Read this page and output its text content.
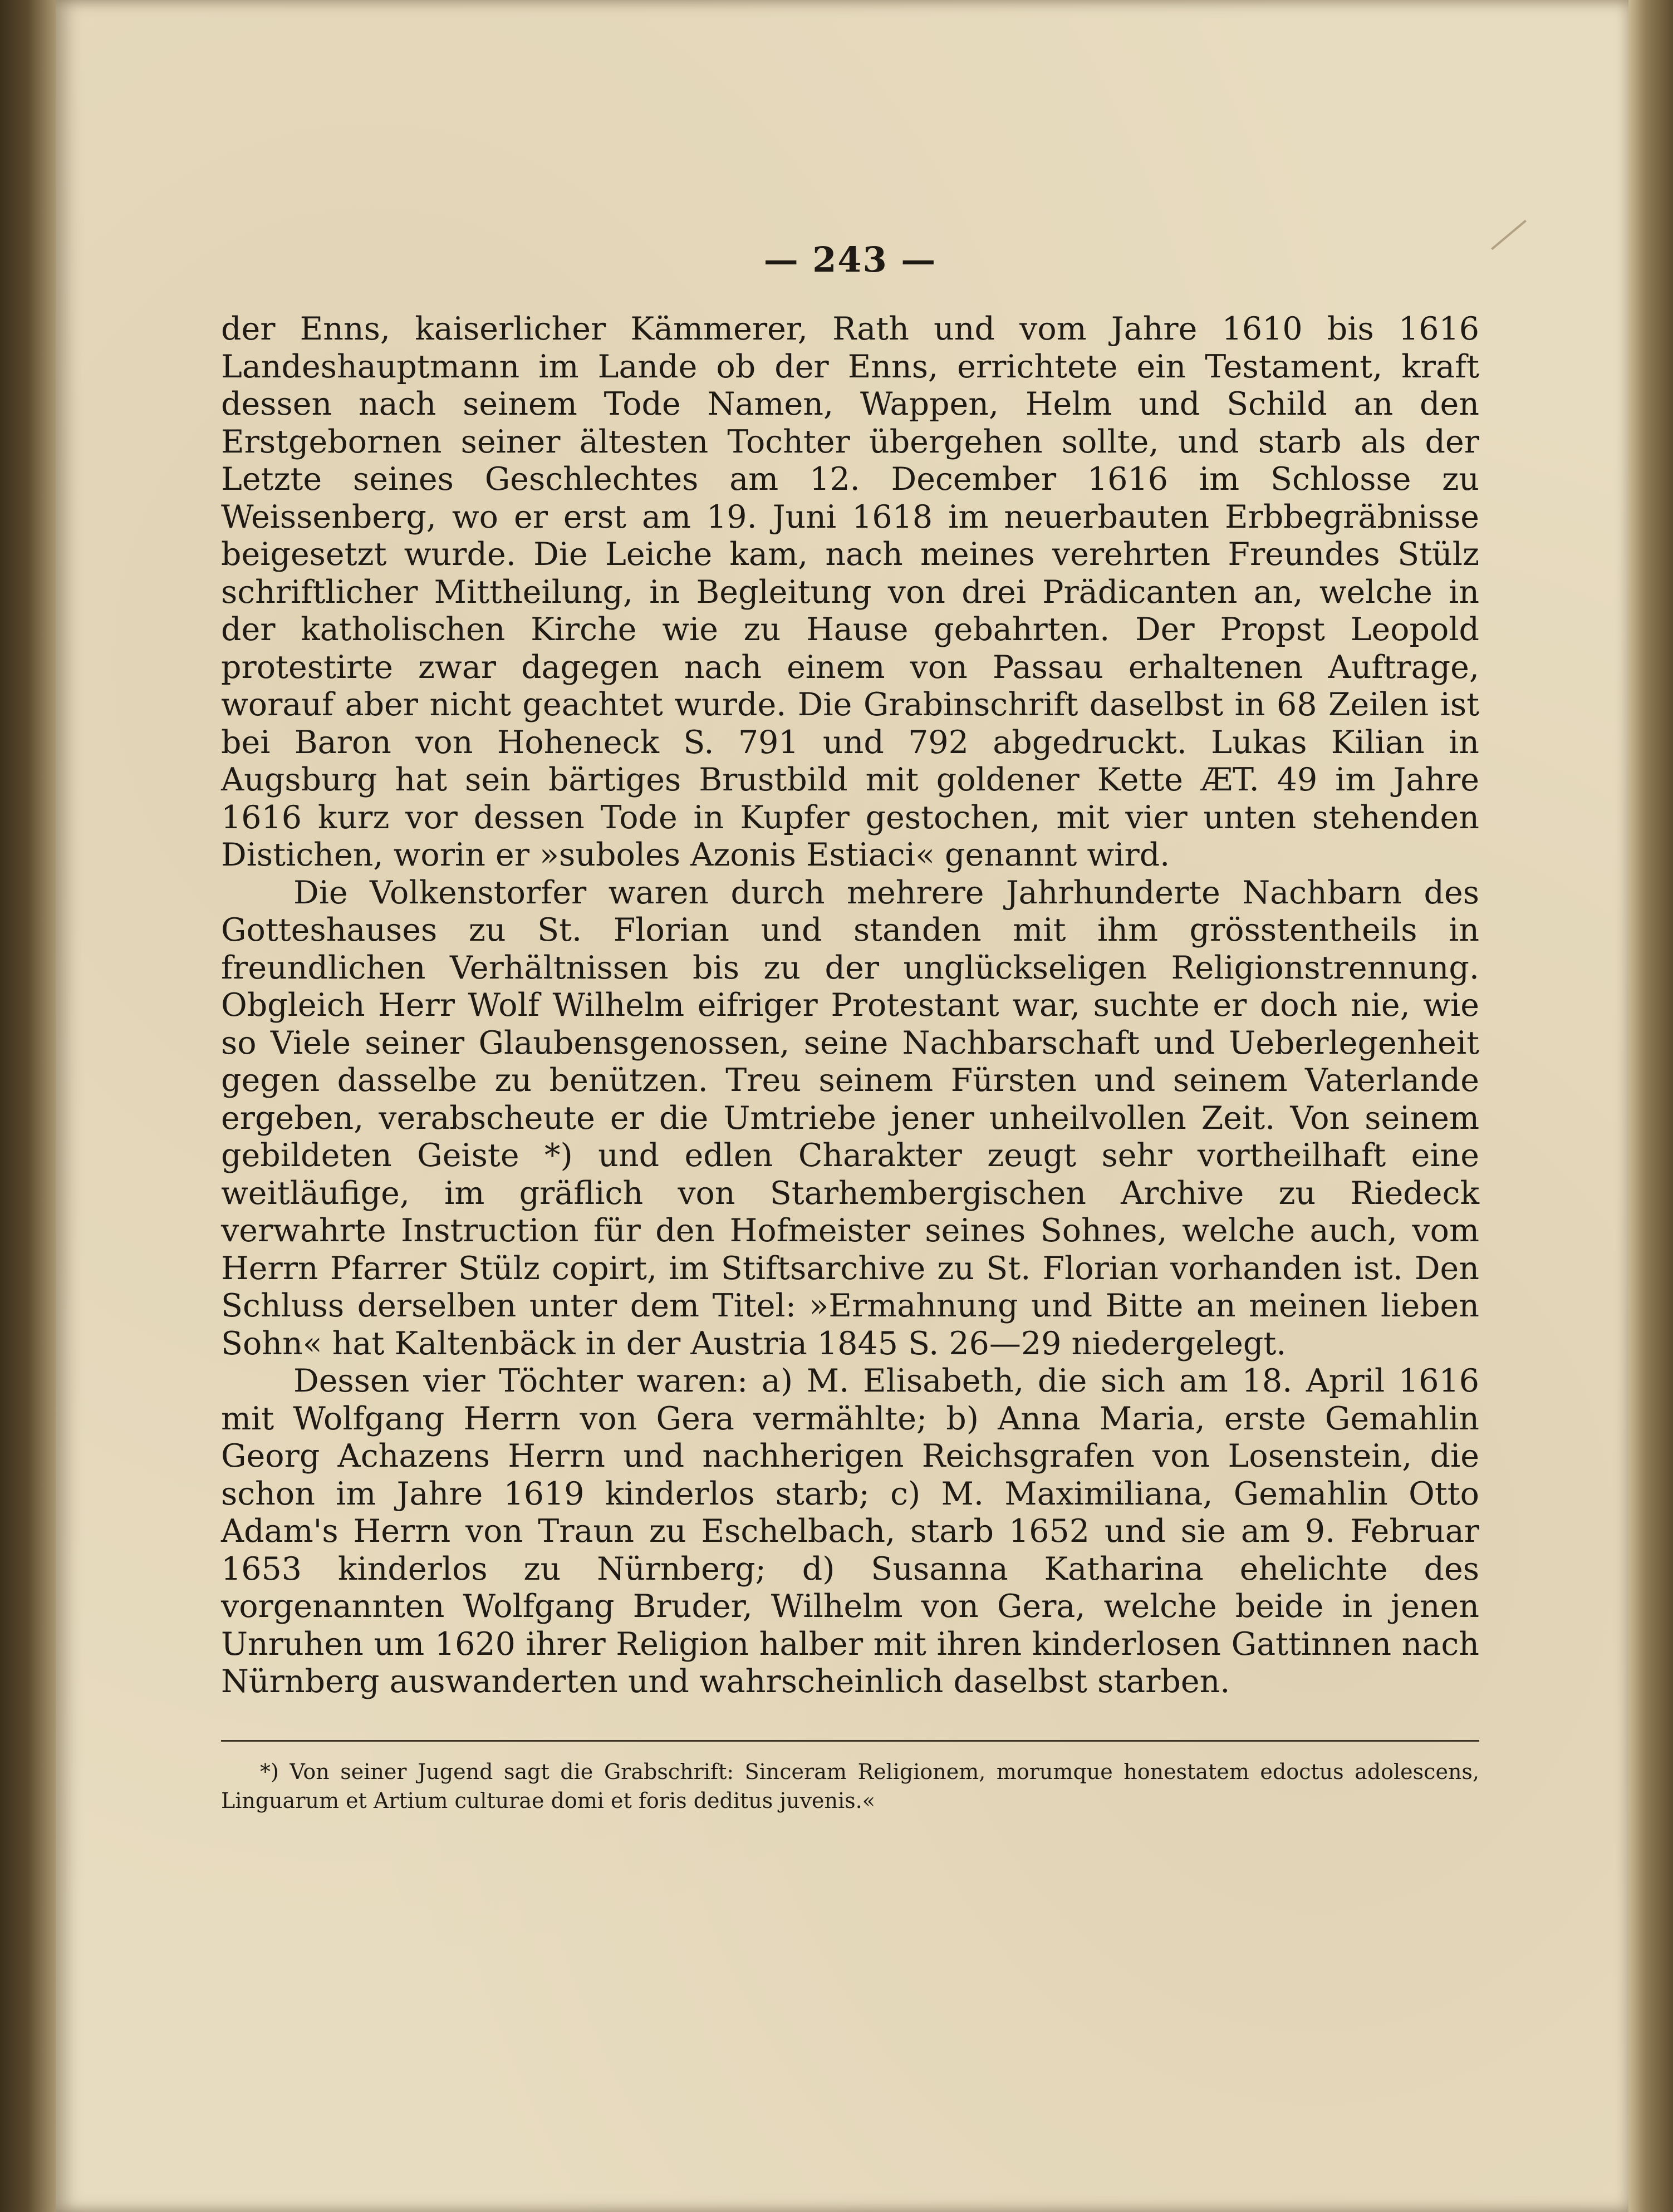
— 243 —

der Enns, kaiserlicher Kämmerer, Rath und vom Jahre 1610 bis 1616 Landeshauptmann im Lande ob der Enns, errichtete ein Testament, kraft dessen nach seinem Tode Namen, Wappen, Helm und Schild an den Erstgebornen seiner ältesten Tochter übergehen sollte, und starb als der Letzte seines Geschlechtes am 12. December 1616 im Schlosse zu Weissenberg, wo er erst am 19. Juni 1618 im neuerbauten Erbbegräbnisse beigesetzt wurde. Die Leiche kam, nach meines verehrten Freundes Stülz schriftlicher Mittheilung, in Begleitung von drei Prädicanten an, welche in der katholischen Kirche wie zu Hause gebahrten. Der Propst Leopold protestirte zwar dagegen nach einem von Passau erhaltenen Auftrage, worauf aber nicht geachtet wurde. Die Grabinschrift daselbst in 68 Zeilen ist bei Baron von Hoheneck S. 791 und 792 abgedruckt. Lukas Kilian in Augsburg hat sein bärtiges Brustbild mit goldener Kette ÆT. 49 im Jahre 1616 kurz vor dessen Tode in Kupfer gestochen, mit vier unten stehenden Distichen, worin er »suboles Azonis Estiaci« genannt wird.

Die Volkenstorfer waren durch mehrere Jahrhunderte Nachbarn des Gotteshauses zu St. Florian und standen mit ihm grösstentheils in freundlichen Verhältnissen bis zu der unglückseligen Religionstrennung. Obgleich Herr Wolf Wilhelm eifriger Protestant war, suchte er doch nie, wie so Viele seiner Glaubensgenossen, seine Nachbarschaft und Ueberlegenheit gegen dasselbe zu benützen. Treu seinem Fürsten und seinem Vaterlande ergeben, verabscheute er die Umtriebe jener unheilvollen Zeit. Von seinem gebildeten Geiste *) und edlen Charakter zeugt sehr vortheilhaft eine weitläufige, im gräflich von Starhembergischen Archive zu Riedeck verwahrte Instruction für den Hofmeister seines Sohnes, welche auch, vom Herrn Pfarrer Stülz copirt, im Stiftsarchive zu St. Florian vorhanden ist. Den Schluss derselben unter dem Titel: »Ermahnung und Bitte an meinen lieben Sohn« hat Kaltenbäck in der Austria 1845 S. 26—29 niedergelegt.

Dessen vier Töchter waren: a) M. Elisabeth, die sich am 18. April 1616 mit Wolfgang Herrn von Gera vermählte; b) Anna Maria, erste Gemahlin Georg Achazens Herrn und nachherigen Reichsgrafen von Losenstein, die schon im Jahre 1619 kinderlos starb; c) M. Maximiliana, Gemahlin Otto Adam's Herrn von Traun zu Eschelbach, starb 1652 und sie am 9. Februar 1653 kinderlos zu Nürnberg; d) Susanna Katharina ehelichte des vorgenannten Wolfgang Bruder, Wilhelm von Gera, welche beide in jenen Unruhen um 1620 ihrer Religion halber mit ihren kinderlosen Gattinnen nach Nürnberg auswanderten und wahrscheinlich daselbst starben.

*) Von seiner Jugend sagt die Grabschrift: Sinceram Religionem, morumque honestatem edoctus adolescens, Linguarum et Artium culturae domi et foris deditus juvenis.«
